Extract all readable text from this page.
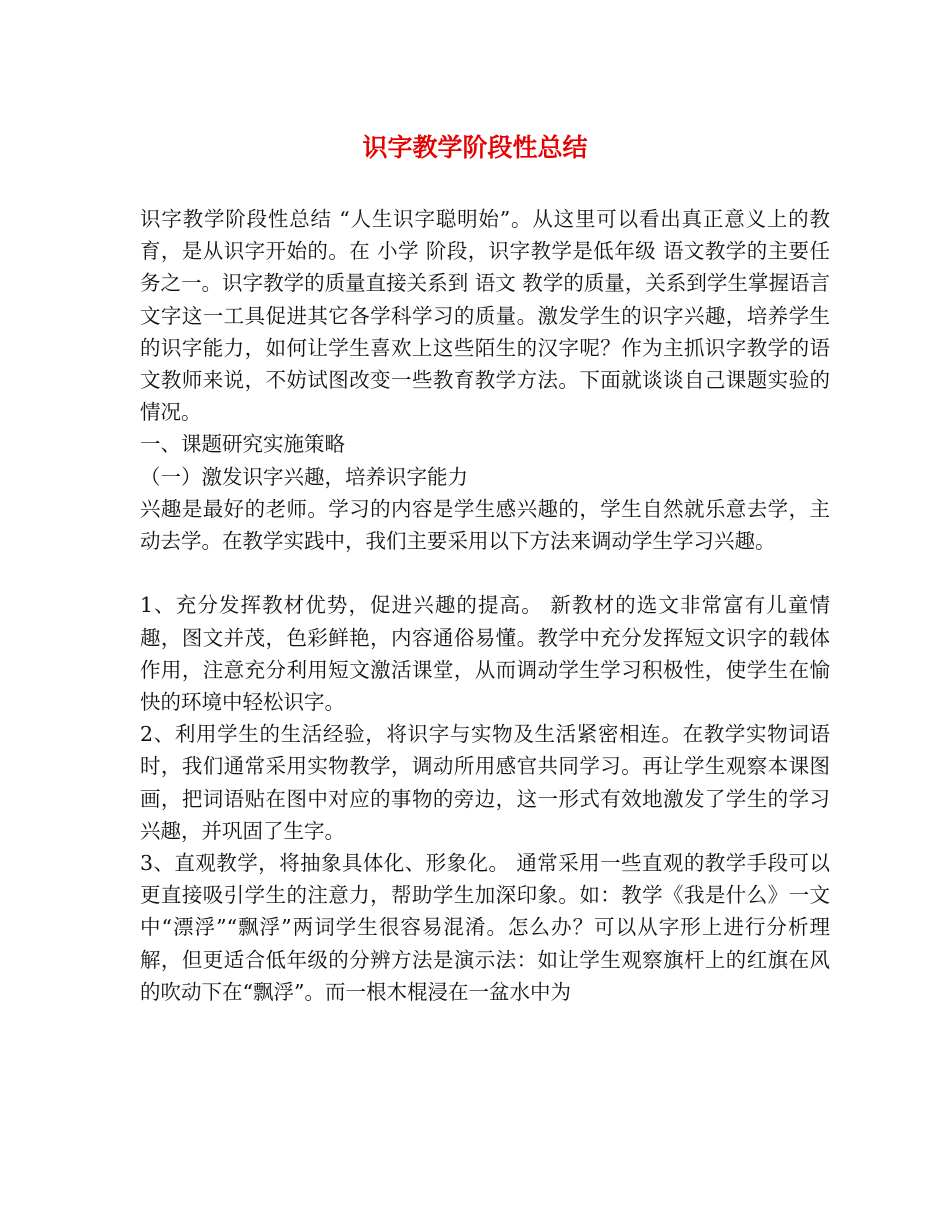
识字教学阶段性总结

识字教学阶段性总结 “人生识字聪明始”。从这里可以看出真正意义上的教育，是从识字开始的。在 小学 阶段，识字教学是低年级 语文教学的主要任务之一。识字教学的质量直接关系到 语文 教学的质量，关系到学生掌握语言文字这一工具促进其它各学科学习的质量。激发学生的识字兴趣，培养学生的识字能力，如何让学生喜欢上这些陌生的汉字呢？作为主抓识字教学的语文教师来说，不妨试图改变一些教育教学方法。下面就谈谈自己课题实验的情况。

一、课题研究实施策略

（一）激发识字兴趣，培养识字能力

兴趣是最好的老师。学习的内容是学生感兴趣的，学生自然就乐意去学，主动去学。在教学实践中，我们主要采用以下方法来调动学生学习兴趣。

1、充分发挥教材优势，促进兴趣的提高。 新教材的选文非常富有儿童情趣，图文并茂，色彩鲜艳，内容通俗易懂。教学中充分发挥短文识字的载体作用，注意充分利用短文激活课堂，从而调动学生学习积极性，使学生在愉快的环境中轻松识字。

2、利用学生的生活经验，将识字与实物及生活紧密相连。在教学实物词语时，我们通常采用实物教学，调动所用感官共同学习。再让学生观察本课图画，把词语贴在图中对应的事物的旁边，这一形式有效地激发了学生的学习兴趣，并巩固了生字。

3、直观教学，将抽象具体化、形象化。 通常采用一些直观的教学手段可以更直接吸引学生的注意力，帮助学生加深印象。如：教学《我是什么》一文中“漂浮”“飘浮”两词学生很容易混淆。怎么办？可以从字形上进行分析理解，但更适合低年级的分辨方法是演示法：如让学生观察旗杆上的红旗在风的吹动下在“飘浮”。而一根木棍浸在一盆水中为
